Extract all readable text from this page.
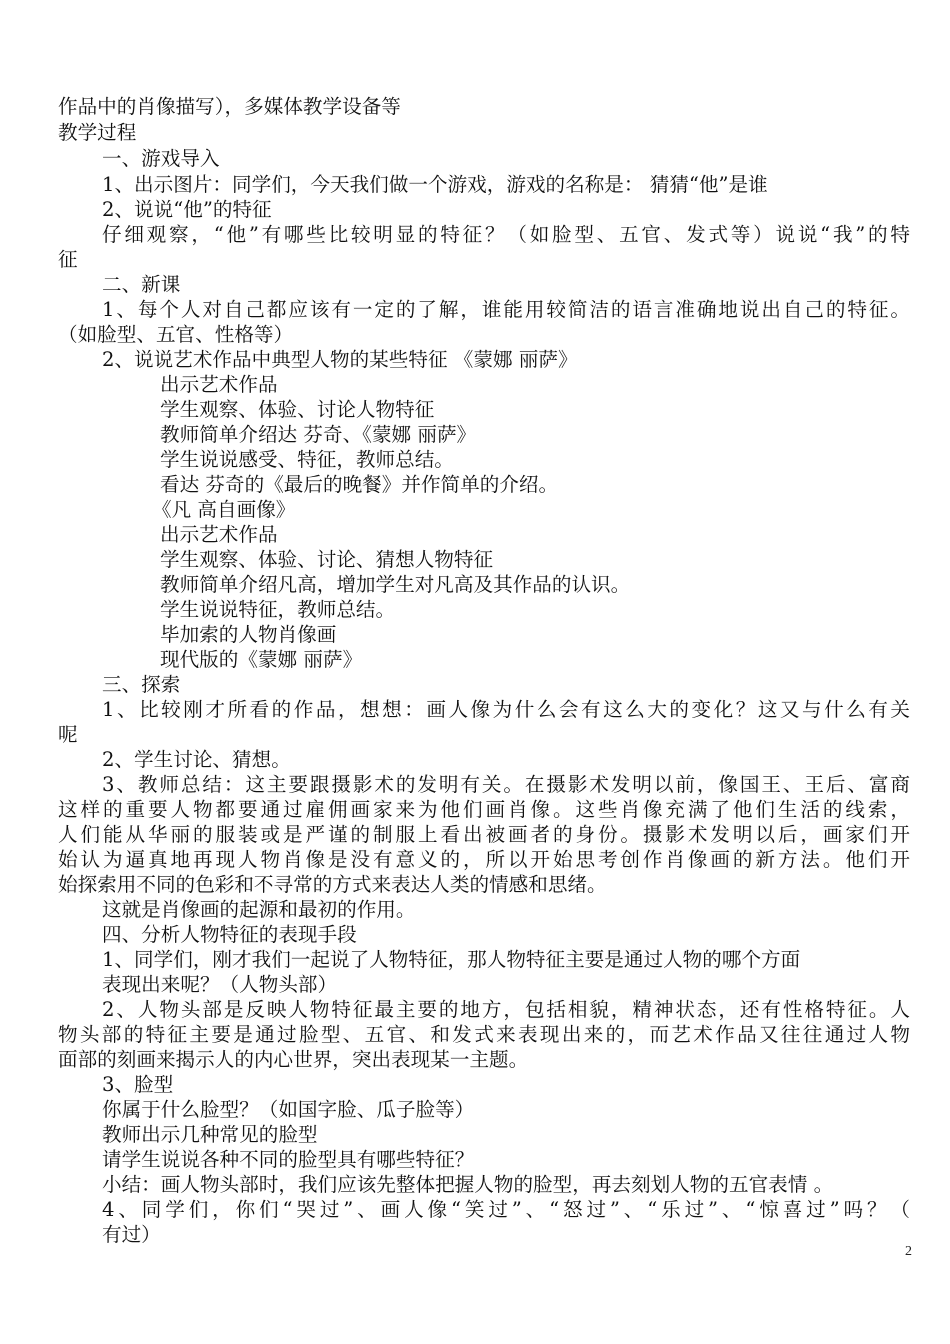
作品中的肖像描写），多媒体教学设备等
教学过程
一、游戏导入
1、出示图片：同学们，今天我们做一个游戏，游戏的名称是： 猜猜“他”是谁
2、说说“他”的特征
仔细观察，“他”有哪些比较明显的特征？（如脸型、五官、发式等）说说“我”的特
征
二、新课
1、每个人对自己都应该有一定的了解，谁能用较简洁的语言准确地说出自己的特征。
（如脸型、五官、性格等）
2、说说艺术作品中典型人物的某些特征 《蒙娜 丽萨》
出示艺术作品
学生观察、体验、讨论人物特征
教师简单介绍达 芬奇、《蒙娜 丽萨》
学生说说感受、特征，教师总结。
看达 芬奇的《最后的晚餐》并作简单的介绍。
《凡 高自画像》
出示艺术作品
学生观察、体验、讨论、猜想人物特征
教师简单介绍凡高，增加学生对凡高及其作品的认识。
学生说说特征，教师总结。
毕加索的人物肖像画
现代版的《蒙娜 丽萨》
三、探索
1、比较刚才所看的作品，想想：画人像为什么会有这么大的变化？这又与什么有关
呢
2、学生讨论、猜想。
3、教师总结：这主要跟摄影术的发明有关。在摄影术发明以前，像国王、王后、富商
这样的重要人物都要通过雇佣画家来为他们画肖像。这些肖像充满了他们生活的线索，
人们能从华丽的服装或是严谨的制服上看出被画者的身份。摄影术发明以后，画家们开
始认为逼真地再现人物肖像是没有意义的，所以开始思考创作肖像画的新方法。他们开
始探索用不同的色彩和不寻常的方式来表达人类的情感和思绪。
这就是肖像画的起源和最初的作用。
四、分析人物特征的表现手段
1、同学们，刚才我们一起说了人物特征，那人物特征主要是通过人物的哪个方面
表现出来呢？（人物头部）
2、人物头部是反映人物特征最主要的地方，包括相貌，精神状态，还有性格特征。人
物头部的特征主要是通过脸型、五官、和发式来表现出来的，而艺术作品又往往通过人物
面部的刻画来揭示人的内心世界，突出表现某一主题。
3、脸型
你属于什么脸型？（如国字脸、瓜子脸等）
教师出示几种常见的脸型
请学生说说各种不同的脸型具有哪些特征？
小结：画人物头部时，我们应该先整体把握人物的脸型，再去刻划人物的五官表情 。
4、同学们，你们“哭过”、画人像“笑过”、“怒过”、“乐过”、“惊喜过”吗？（
有过）
2
